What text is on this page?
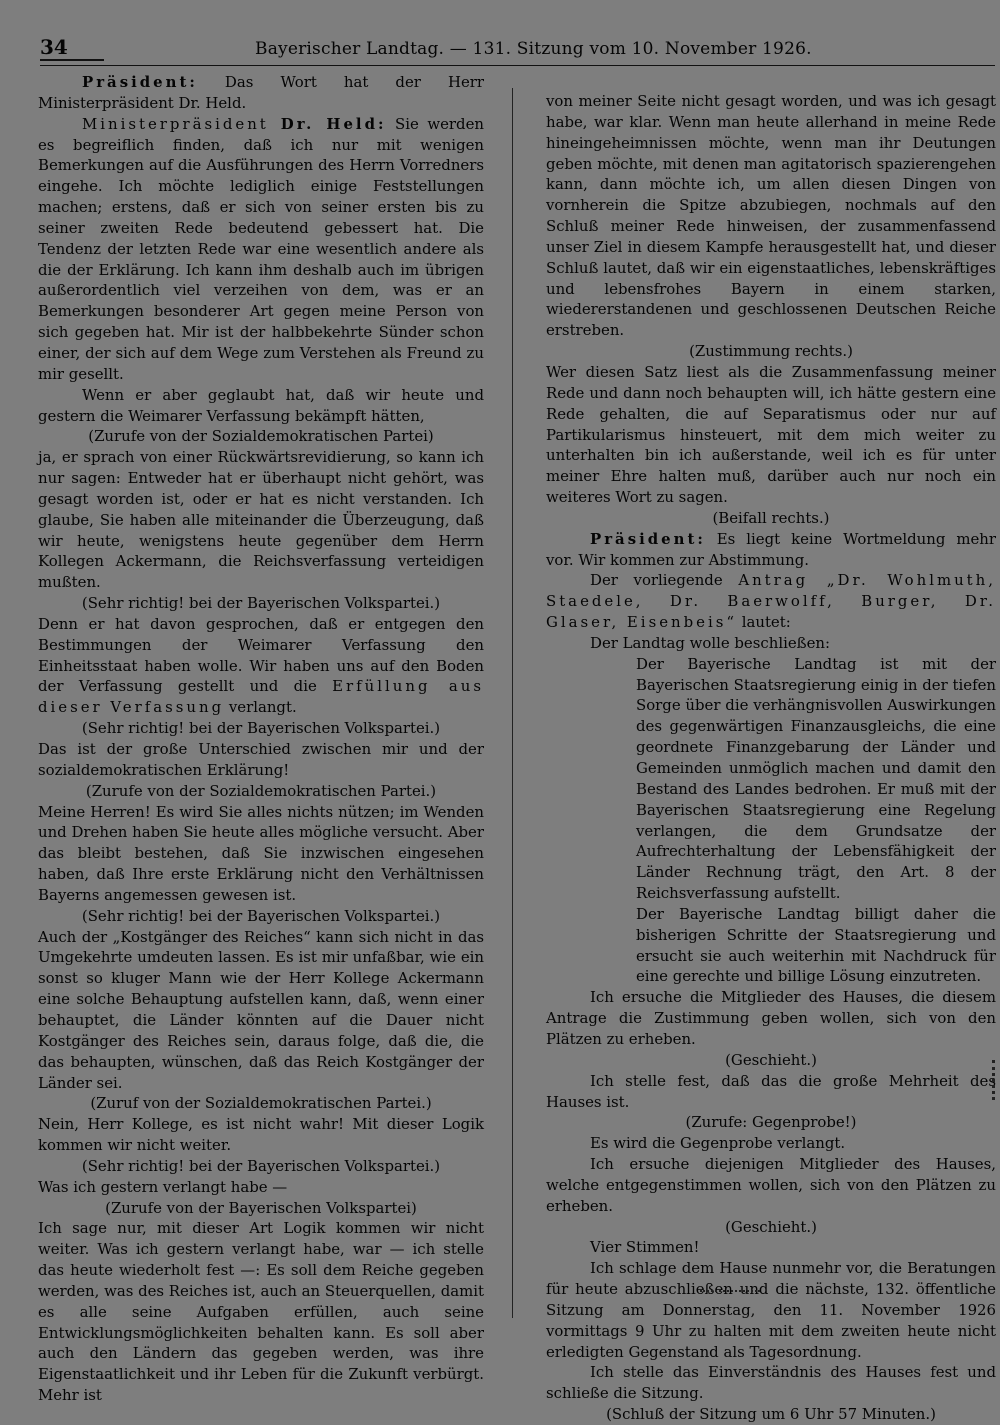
34	Bayerischer Landtag. — 131. Sitzung vom 10. November 1926.

Präsident: Das Wort hat der Herr Ministerpräsident Dr. Held.

Ministerpräsident Dr. Held: Sie werden es begreiflich finden, daß ich nur mit wenigen Bemerkungen auf die Ausführungen des Herrn Vorredners eingehe. Ich möchte lediglich einige Feststellungen machen; erstens, daß er sich von seiner ersten bis zu seiner zweiten Rede bedeutend gebessert hat. Die Tendenz der letzten Rede war eine wesentlich andere als die der Erklärung. Ich kann ihm deshalb auch im übrigen außerordentlich viel verzeihen von dem, was er an Bemerkungen besonderer Art gegen meine Person von sich gegeben hat. Mir ist der halbbekehrte Sünder schon einer, der sich auf dem Wege zum Verstehen als Freund zu mir gesellt.

Wenn er aber geglaubt hat, daß wir heute und gestern die Weimarer Verfassung bekämpft hätten,

(Zurufe von der Sozialdemokratischen Partei)

ja, er sprach von einer Rückwärtsrevidierung, so kann ich nur sagen: Entweder hat er überhaupt nicht gehört, was gesagt worden ist, oder er hat es nicht verstanden. Ich glaube, Sie haben alle miteinander die Überzeugung, daß wir heute, wenigstens heute gegenüber dem Herrn Kollegen Ackermann, die Reichsverfassung verteidigen mußten.

(Sehr richtig! bei der Bayerischen Volkspartei.)

Denn er hat davon gesprochen, daß er entgegen den Bestimmungen der Weimarer Verfassung den Einheitsstaat haben wolle. Wir haben uns auf den Boden der Verfassung gestellt und die Erfüllung aus dieser Verfassung verlangt.

(Sehr richtig! bei der Bayerischen Volkspartei.)

Das ist der große Unterschied zwischen mir und der sozialdemokratischen Erklärung!

(Zurufe von der Sozialdemokratischen Partei.)

Meine Herren! Es wird Sie alles nichts nützen; im Wenden und Drehen haben Sie heute alles mögliche versucht. Aber das bleibt bestehen, daß Sie inzwischen eingesehen haben, daß Ihre erste Erklärung nicht den Verhältnissen Bayerns angemessen gewesen ist.

(Sehr richtig! bei der Bayerischen Volkspartei.)

Auch der „Kostgänger des Reiches“ kann sich nicht in das Umgekehrte umdeuten lassen. Es ist mir unfaßbar, wie ein sonst so kluger Mann wie der Herr Kollege Ackermann eine solche Behauptung aufstellen kann, daß, wenn einer behauptet, die Länder könnten auf die Dauer nicht Kostgänger des Reiches sein, daraus folge, daß die, die das behaupten, wünschen, daß das Reich Kostgänger der Länder sei.

(Zuruf von der Sozialdemokratischen Partei.)

Nein, Herr Kollege, es ist nicht wahr! Mit dieser Logik kommen wir nicht weiter.

(Sehr richtig! bei der Bayerischen Volkspartei.)

Was ich gestern verlangt habe —

(Zurufe von der Bayerischen Volkspartei)

Ich sage nur, mit dieser Art Logik kommen wir nicht weiter. Was ich gestern verlangt habe, war — ich stelle das heute wiederholt fest —: Es soll dem Reiche gegeben werden, was des Reiches ist, auch an Steuerquellen, damit es alle seine Aufgaben erfüllen, auch seine Entwicklungsmöglichkeiten behalten kann. Es soll aber auch den Ländern das gegeben werden, was ihre Eigenstaatlichkeit und ihr Leben für die Zukunft verbürgt. Mehr ist

von meiner Seite nicht gesagt worden, und was ich gesagt habe, war klar. Wenn man heute allerhand in meine Rede hineingeheimnissen möchte, wenn man ihr Deutungen geben möchte, mit denen man agitatorisch spazierengehen kann, dann möchte ich, um allen diesen Dingen von vornherein die Spitze abzubiegen, nochmals auf den Schluß meiner Rede hinweisen, der zusammenfassend unser Ziel in diesem Kampfe herausgestellt hat, und dieser Schluß lautet, daß wir ein eigenstaatliches, lebenskräftiges und lebensfrohes Bayern in einem starken, wiedererstandenen und geschlossenen Deutschen Reiche erstreben.

(Zustimmung rechts.)

Wer diesen Satz liest als die Zusammenfassung meiner Rede und dann noch behaupten will, ich hätte gestern eine Rede gehalten, die auf Separatismus oder nur auf Partikularismus hinsteuert, mit dem mich weiter zu unterhalten bin ich außerstande, weil ich es für unter meiner Ehre halten muß, darüber auch nur noch ein weiteres Wort zu sagen.

(Beifall rechts.)

Präsident: Es liegt keine Wortmeldung mehr vor. Wir kommen zur Abstimmung.

Der vorliegende Antrag „Dr. Wohlmuth, Staedele, Dr. Baerwolff, Burger, Dr. Glaser, Eisenbeis“ lautet:

Der Landtag wolle beschließen:

Der Bayerische Landtag ist mit der Bayerischen Staatsregierung einig in der tiefen Sorge über die verhängnisvollen Auswirkungen des gegenwärtigen Finanzausgleichs, die eine geordnete Finanzgebarung der Länder und Gemeinden unmöglich machen und damit den Bestand des Landes bedrohen. Er muß mit der Bayerischen Staatsregierung eine Regelung verlangen, die dem Grundsatze der Aufrechterhaltung der Lebensfähigkeit der Länder Rechnung trägt, den Art. 8 der Reichsverfassung aufstellt.

Der Bayerische Landtag billigt daher die bisherigen Schritte der Staatsregierung und ersucht sie auch weiterhin mit Nachdruck für eine gerechte und billige Lösung einzutreten.

Ich ersuche die Mitglieder des Hauses, die diesem Antrage die Zustimmung geben wollen, sich von den Plätzen zu erheben.

(Geschieht.)

Ich stelle fest, daß das die große Mehrheit des Hauses ist.

(Zurufe: Gegenprobe!)

Es wird die Gegenprobe verlangt.

Ich ersuche diejenigen Mitglieder des Hauses, welche entgegenstimmen wollen, sich von den Plätzen zu erheben.

(Geschieht.)

Vier Stimmen!

Ich schlage dem Hause nunmehr vor, die Beratungen für heute abzuschließen und die nächste, 132. öffentliche Sitzung am Donnerstag, den 11. November 1926 vormittags 9 Uhr zu halten mit dem zweiten heute nicht erledigten Gegenstand als Tagesordnung.

Ich stelle das Einverständnis des Hauses fest und schließe die Sitzung.

(Schluß der Sitzung um 6 Uhr 57 Minuten.)
